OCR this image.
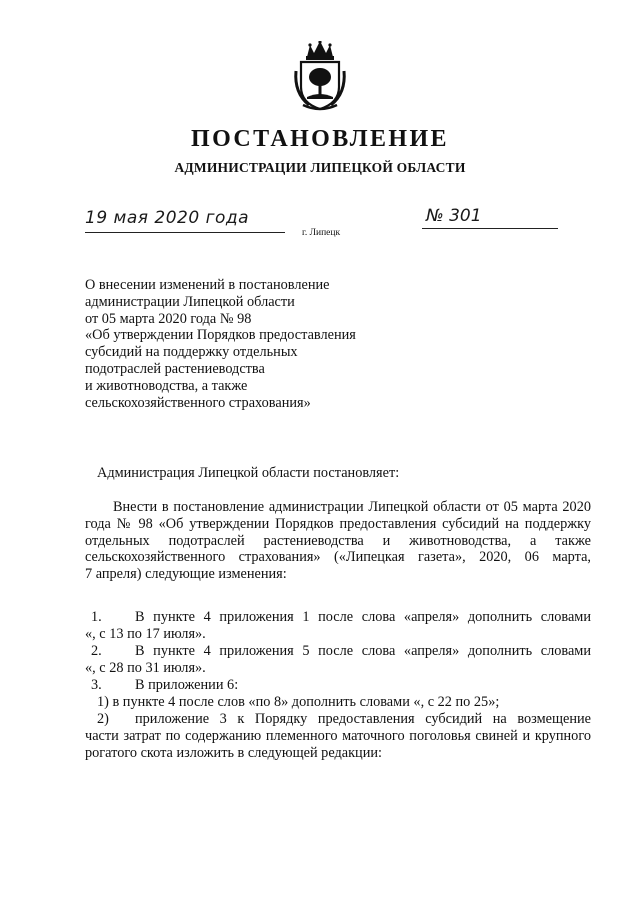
ПОСТАНОВЛЕНИЕ
АДМИНИСТРАЦИИ ЛИПЕЦКОЙ ОБЛАСТИ
19 мая 2020 года
г. Липецк
№ 301
О внесении изменений в постановление
администрации Липецкой области
от 05 марта 2020 года № 98
«Об утверждении Порядков предоставления
субсидий на поддержку отдельных
подотраслей растениеводства
и животноводства, а также
сельскохозяйственного страхования»
Администрация Липецкой области постановляет:
Внести в постановление администрации Липецкой области от 05 марта 2020
года № 98 «Об утверждении Порядков предоставления субсидий на поддержку
отдельных подотраслей растениеводства и животноводства, а также
сельскохозяйственного страхования» («Липецкая газета», 2020, 06 марта,
7 апреля) следующие изменения:
1. В пункте 4 приложения 1 после слова «апреля» дополнить словами
«, с 13 по 17 июля».
2. В пункте 4 приложения 5 после слова «апреля» дополнить словами
«, с 28 по 31 июля».
3. В приложении 6:
1) в пункте 4 после слов «по 8» дополнить словами «, с 22 по 25»;
2) приложение 3 к Порядку предоставления субсидий на возмещение
части затрат по содержанию племенного маточного поголовья свиней и крупного
рогатого скота изложить в следующей редакции:
